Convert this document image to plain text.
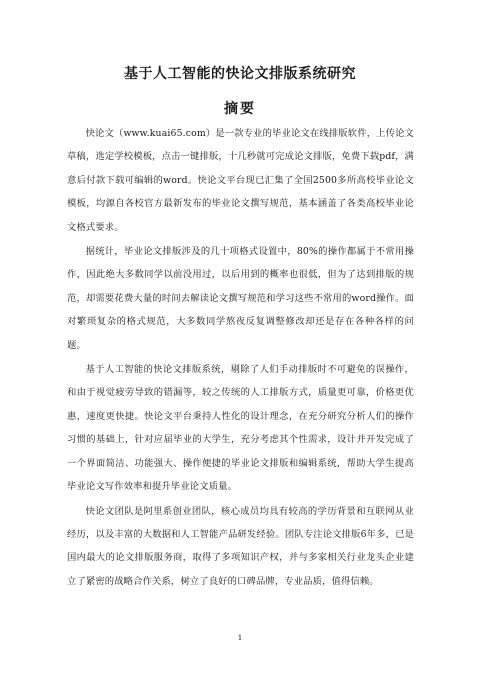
基于人工智能的快论文排版系统研究
摘要

快论文（www.kuai65.com）是一款专业的毕业论文在线排版软件，上传论文草稿，选定学校模板，点击一键排版，十几秒就可完成论文排版，免费下载pdf，满意后付款下载可编辑的word。快论文平台现已汇集了全国2500多所高校毕业论文模板，均源自各校官方最新发布的毕业论文撰写规范，基本涵盖了各类高校毕业论文格式要求。

据统计，毕业论文排版涉及的几十项格式设置中，80%的操作都属于不常用操作，因此绝大多数同学以前没用过，以后用到的概率也很低，但为了达到排版的规范，却需要花费大量的时间去解读论文撰写规范和学习这些不常用的word操作。面对繁琐复杂的格式规范，大多数同学熬夜反复调整修改却还是存在各种各样的问题。

基于人工智能的快论文排版系统，剔除了人们手动排版时不可避免的误操作，和由于视觉疲劳导致的错漏等，较之传统的人工排版方式，质量更可靠，价格更优惠，速度更快捷。快论文平台秉持人性化的设计理念，在充分研究分析人们的操作习惯的基础上，针对应届毕业的大学生，充分考虑其个性需求，设计并开发完成了一个界面简洁、功能强大、操作便捷的毕业论文排版和编辑系统，帮助大学生提高毕业论文写作效率和提升毕业论文质量。

快论文团队是阿里系创业团队，核心成员均具有较高的学历背景和互联网从业经历，以及丰富的大数据和人工智能产品研发经验。团队专注论文排版6年多，已是国内最大的论文排版服务商，取得了多项知识产权，并与多家相关行业龙头企业建立了紧密的战略合作关系，树立了良好的口碑品牌，专业品质，值得信赖。

1
